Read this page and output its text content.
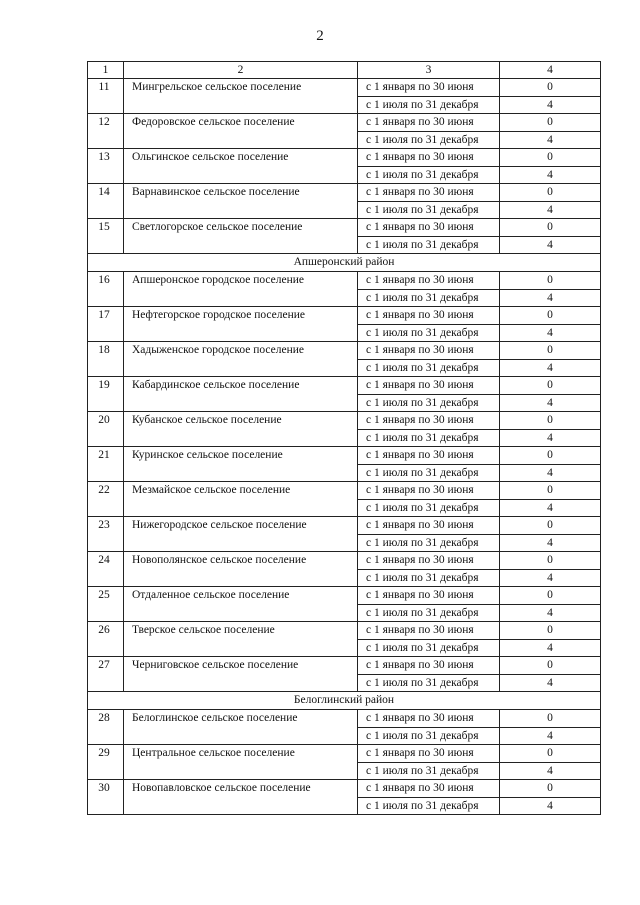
2
1	2	3	4
11	Мингрельское сельское поселение	с 1 января по 30 июня	0
		с 1 июля по 31 декабря	4
12	Федоровское сельское поселение	с 1 января по 30 июня	0
		с 1 июля по 31 декабря	4
13	Ольгинское сельское поселение	с 1 января по 30 июня	0
		с 1 июля по 31 декабря	4
14	Варнавинское сельское поселение	с 1 января по 30 июня	0
		с 1 июля по 31 декабря	4
15	Светлогорское сельское поселение	с 1 января по 30 июня	0
		с 1 июля по 31 декабря	4
Апшеронский район			
16	Апшеронское городское поселение	с 1 января по 30 июня	0
		с 1 июля по 31 декабря	4
17	Нефтегорское городское поселение	с 1 января по 30 июня	0
		с 1 июля по 31 декабря	4
18	Хадыженское городское поселение	с 1 января по 30 июня	0
		с 1 июля по 31 декабря	4
19	Кабардинское сельское поселение	с 1 января по 30 июня	0
		с 1 июля по 31 декабря	4
20	Кубанское сельское поселение	с 1 января по 30 июня	0
		с 1 июля по 31 декабря	4
21	Куринское сельское поселение	с 1 января по 30 июня	0
		с 1 июля по 31 декабря	4
22	Мезмайское сельское поселение	с 1 января по 30 июня	0
		с 1 июля по 31 декабря	4
23	Нижегородское сельское поселение	с 1 января по 30 июня	0
		с 1 июля по 31 декабря	4
24	Новополянское сельское поселение	с 1 января по 30 июня	0
		с 1 июля по 31 декабря	4
25	Отдаленное сельское поселение	с 1 января по 30 июня	0
		с 1 июля по 31 декабря	4
26	Тверское сельское поселение	с 1 января по 30 июня	0
		с 1 июля по 31 декабря	4
27	Черниговское сельское поселение	с 1 января по 30 июня	0
		с 1 июля по 31 декабря	4
Белоглинский район			
28	Белоглинское сельское поселение	с 1 января по 30 июня	0
		с 1 июля по 31 декабря	4
29	Центральное сельское поселение	с 1 января по 30 июня	0
		с 1 июля по 31 декабря	4
30	Новопавловское сельское поселение	с 1 января по 30 июня	0
		с 1 июля по 31 декабря	4
